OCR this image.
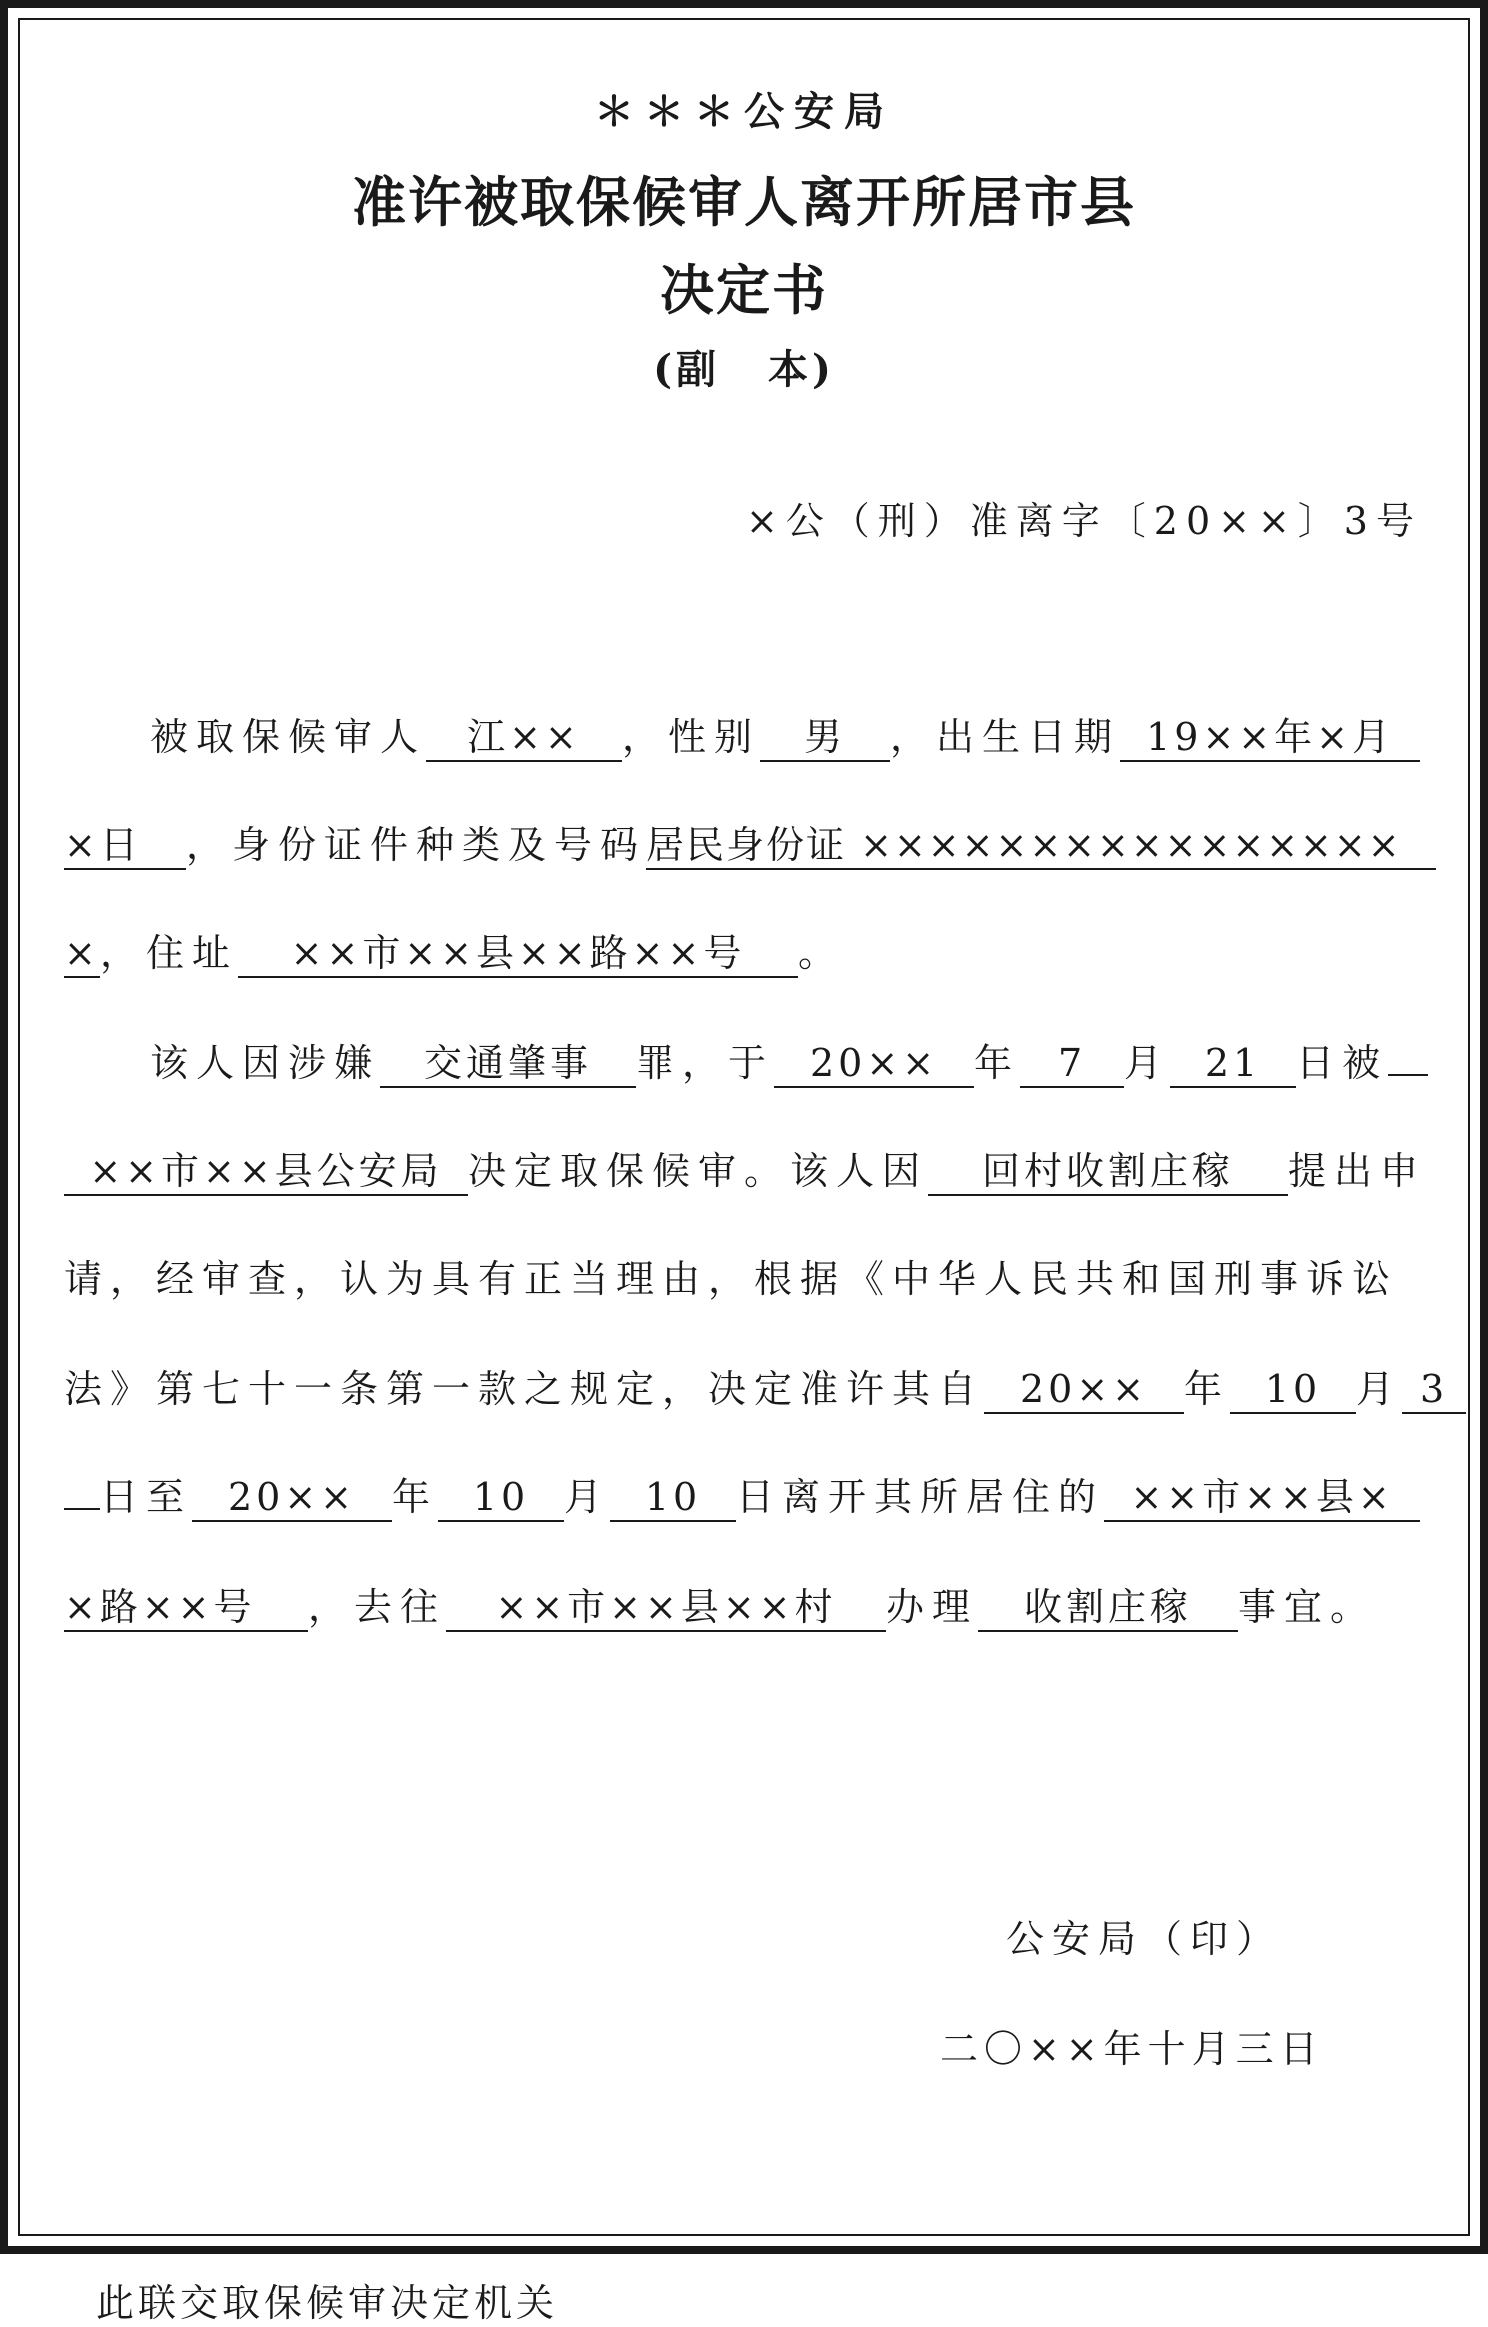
＊＊＊公安局
准许被取保候审人离开所居市县
决定书
(副 本)
×公（刑）准离字〔20××〕3号
被取保候审人 江×× ，性别 男 ，出生日期 19××年×月
×日 ，身份证件种类及号码居民身份证 ××××××××××××××××
×，住址 ××市××县××路××号 。
该人因涉嫌 交通肇事 罪，于 20×× 年 7 月 21 日被
××市××县公安局 决定取保候审。该人因 回村收割庄稼 提出申
请，经审查，认为具有正当理由，根据《中华人民共和国刑事诉讼
法》第七十一条第一款之规定，决定准许其自 20×× 年 10 月 3
日至 20×× 年 10 月 10 日离开其所居住的 ××市××县×
×路××号 ，去往 ××市××县××村 办理 收割庄稼 事宜。
公安局（印）
二〇××年十月三日
此联交取保候审决定机关
